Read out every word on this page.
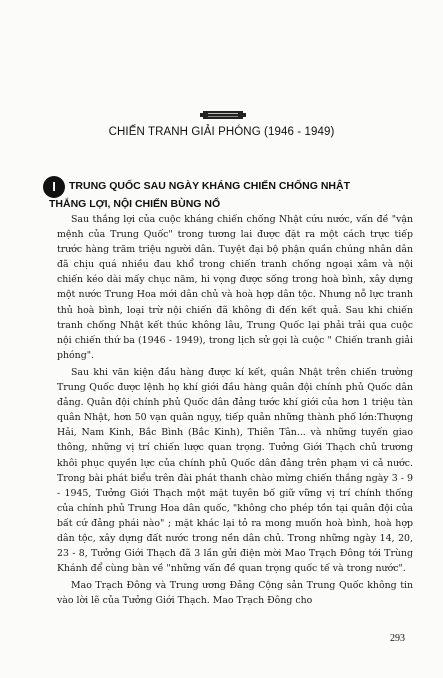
CHIẾN TRANH GIẢI PHÓNG (1946 - 1949)
I	TRUNG QUỐC SAU NGÀY KHÁNG CHIẾN CHỐNG NHẬT
THẮNG LỢI, NỘI CHIẾN BÙNG NỔ

Sau thắng lợi của cuộc kháng chiến chống Nhật cứu nước, vấn đề "vận mệnh của Trung Quốc" trong tương lai được đặt ra một cách trực tiếp trước hàng trăm triệu người dân. Tuyệt đại bộ phận quần chúng nhân dân đã chịu quá nhiều đau khổ trong chiến tranh chống ngoại xâm và nội chiến kéo dài mấy chục năm, hi vọng được sống trong hoà bình, xây dựng một nước Trung Hoa mới dân chủ và hoà hợp dân tộc. Nhưng nỗ lực tranh thủ hoà bình, loại trừ nội chiến đã không đi đến kết quả. Sau khi chiến tranh chống Nhật kết thúc không lâu, Trung Quốc lại phải trải qua cuộc nội chiến thứ ba (1946 - 1949), trong lịch sử gọi là cuộc " Chiến tranh giải phóng".

Sau khi văn kiện đầu hàng được kí kết, quân Nhật trên chiến trường Trung Quốc được lệnh họ khí giới đầu hàng quân đội chính phủ Quốc dân đảng. Quân đội chính phủ Quốc dân đảng tước khí giới của hơn 1 triệu tàn quân Nhật, hơn 50 vạn quân ngụy, tiếp quản những thành phố lớn:Thượng Hải, Nam Kinh, Bắc Bình (Bắc Kinh), Thiên Tân... và những tuyến giao thông, những vị trí chiến lược quan trọng. Tưởng Giới Thạch chủ trương khôi phục quyền lực của chính phủ Quốc dân đảng trên phạm vi cả nước. Trong bài phát biểu trên đài phát thanh chào mừng chiến thắng ngày 3 - 9 - 1945, Tưởng Giới Thạch một mặt tuyên bố giữ vững vị trí chính thống của chính phủ Trung Hoa dân quốc, "không cho phép tồn tại quân đội của bất cứ đảng phái nào" ; mặt khác lại tỏ ra mong muốn hoà bình, hoà hợp dân tộc, xây dựng đất nước trong nền dân chủ. Trong những ngày 14, 20, 23 - 8, Tưởng Giới Thạch đã 3 lần gửi điện mời Mao Trạch Đông tới Trùng Khánh để cùng bàn về "những vấn đề quan trọng quốc tế và trong nước".

Mao Trạch Đông và Trung ương Đảng Cộng sản Trung Quốc không tin vào lời lẽ của Tưởng Giới Thạch. Mao Trạch Đông cho

293
